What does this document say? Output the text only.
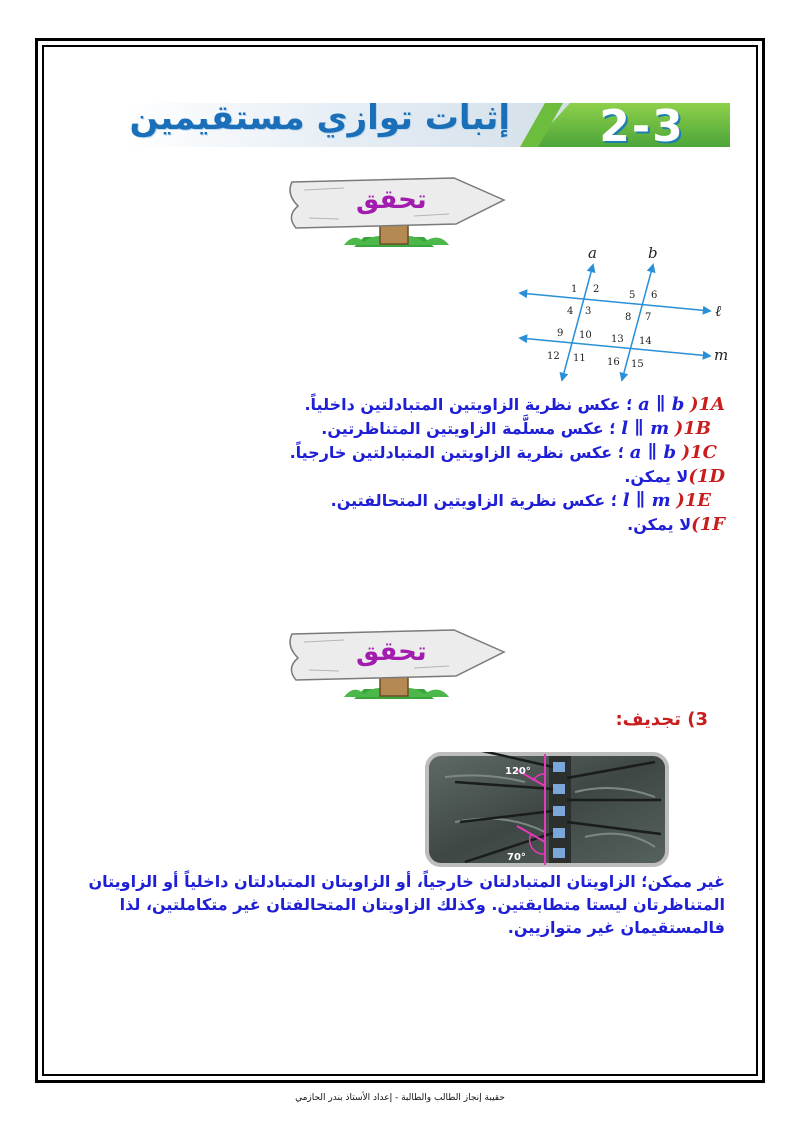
2-3
إثبات توازي مستقيمين
تحقق
1 2
4 3
5 6
8 7
9 10
12 11
13 14
16 15
a	b
ℓ
m
1A( a ∥ b ؛ عكس نظرية الزاويتين المتبادلتين داخلياً.
1B( l ∥ m ؛ عكس مسلَّمة الزاويتين المتناظرتين.
1C( a ∥ b ؛ عكس نظرية الزاويتين المتبادلتين خارجياً.
1D)لا يمكن.
1E( l ∥ m ؛ عكس نظرية الزاويتين المتحالفتين.
1F)لا يمكن.
تحقق
3) تجديف:
120°
70°
غير ممكن؛ الزاويتان المتبادلتان خارجياً، أو الزاويتان المتبادلتان داخلياً أو الزاويتان المتناظرتان ليستا متطابقتين. وكذلك الزاويتان المتحالفتان غير متكاملتين، لذا فالمستقيمان غير متوازيين.
حقيبة إنجاز الطالب والطالبة - إعداد الأستاذ بندر الحازمي
